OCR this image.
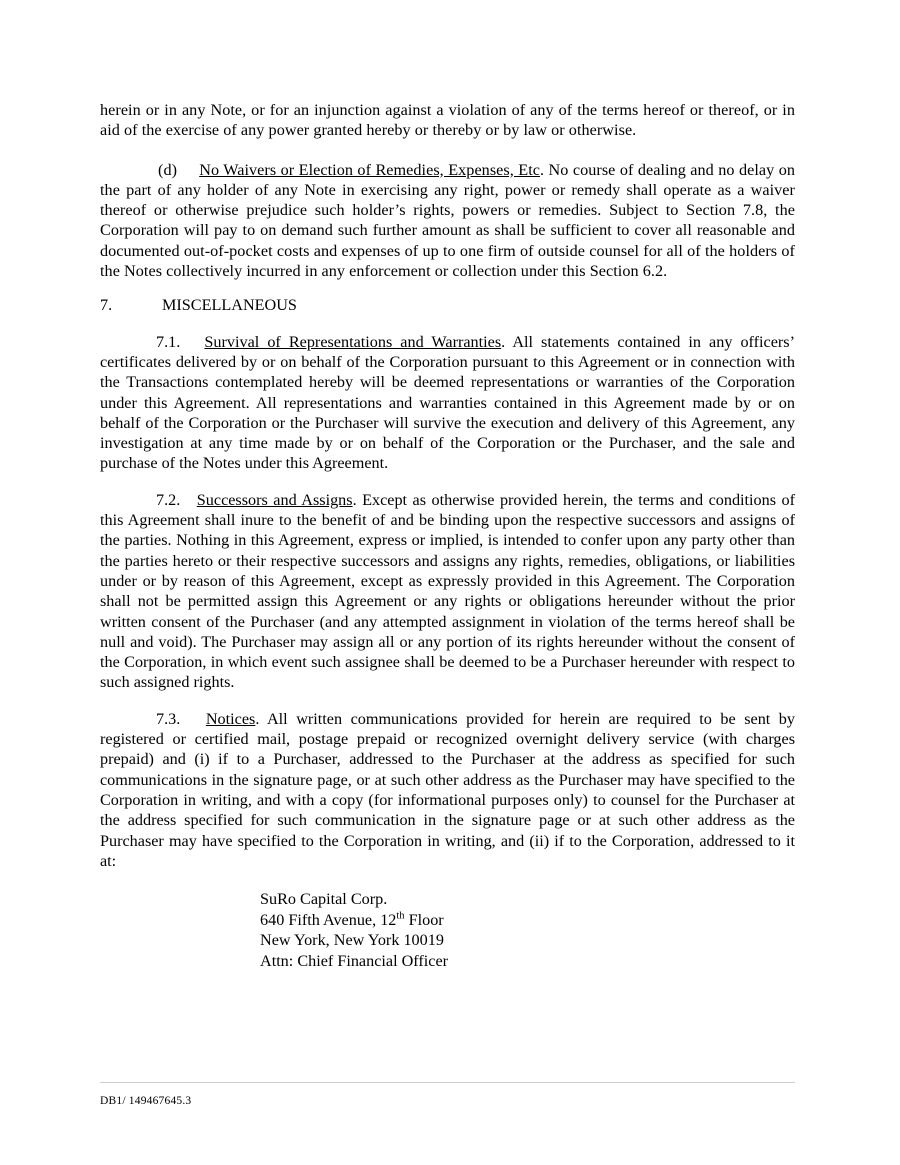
herein or in any Note, or for an injunction against a violation of any of the terms hereof or thereof, or in aid of the exercise of any power granted hereby or thereby or by law or otherwise.

(d) No Waivers or Election of Remedies, Expenses, Etc. No course of dealing and no delay on the part of any holder of any Note in exercising any right, power or remedy shall operate as a waiver thereof or otherwise prejudice such holder’s rights, powers or remedies. Subject to Section 7.8, the Corporation will pay to on demand such further amount as shall be sufficient to cover all reasonable and documented out-of-pocket costs and expenses of up to one firm of outside counsel for all of the holders of the Notes collectively incurred in any enforcement or collection under this Section 6.2.

7.	MISCELLANEOUS

7.1. Survival of Representations and Warranties. All statements contained in any officers’ certificates delivered by or on behalf of the Corporation pursuant to this Agreement or in connection with the Transactions contemplated hereby will be deemed representations or warranties of the Corporation under this Agreement. All representations and warranties contained in this Agreement made by or on behalf of the Corporation or the Purchaser will survive the execution and delivery of this Agreement, any investigation at any time made by or on behalf of the Corporation or the Purchaser, and the sale and purchase of the Notes under this Agreement.

7.2. Successors and Assigns. Except as otherwise provided herein, the terms and conditions of this Agreement shall inure to the benefit of and be binding upon the respective successors and assigns of the parties. Nothing in this Agreement, express or implied, is intended to confer upon any party other than the parties hereto or their respective successors and assigns any rights, remedies, obligations, or liabilities under or by reason of this Agreement, except as expressly provided in this Agreement. The Corporation shall not be permitted assign this Agreement or any rights or obligations hereunder without the prior written consent of the Purchaser (and any attempted assignment in violation of the terms hereof shall be null and void). The Purchaser may assign all or any portion of its rights hereunder without the consent of the Corporation, in which event such assignee shall be deemed to be a Purchaser hereunder with respect to such assigned rights.

7.3. Notices. All written communications provided for herein are required to be sent by registered or certified mail, postage prepaid or recognized overnight delivery service (with charges prepaid) and (i) if to a Purchaser, addressed to the Purchaser at the address as specified for such communications in the signature page, or at such other address as the Purchaser may have specified to the Corporation in writing, and with a copy (for informational purposes only) to counsel for the Purchaser at the address specified for such communication in the signature page or at such other address as the Purchaser may have specified to the Corporation in writing, and (ii) if to the Corporation, addressed to it at:

SuRo Capital Corp.
640 Fifth Avenue, 12th Floor
New York, New York 10019
Attn: Chief Financial Officer
DB1/ 149467645.3
